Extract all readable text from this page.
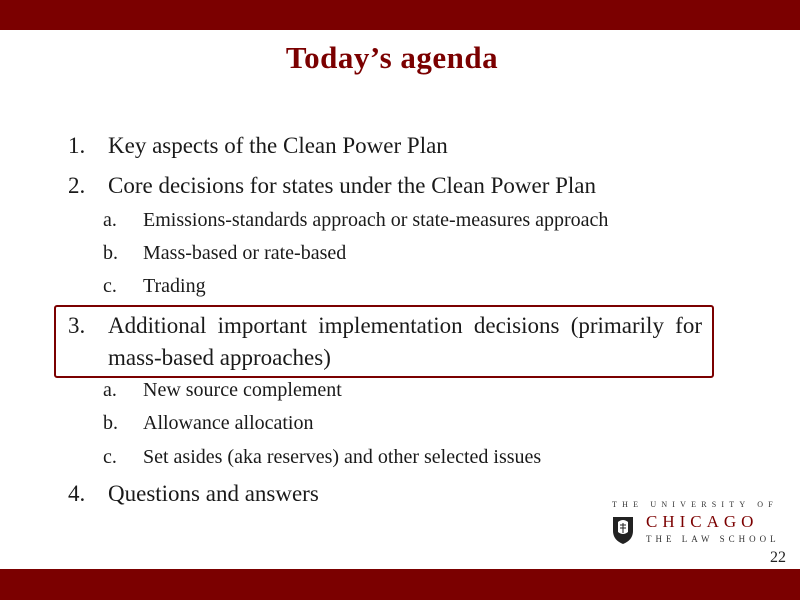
Today’s agenda
1. Key aspects of the Clean Power Plan
2. Core decisions for states under the Clean Power Plan
a. Emissions-standards approach or state-measures approach
b. Mass-based or rate-based
c. Trading
3. Additional important implementation decisions (primarily for mass-based approaches)
a. New source complement
b. Allowance allocation
c. Set asides (aka reserves) and other selected issues
4. Questions and answers	THE UNIVERSITY OF
CHICAGO
THE LAW SCHOOL
22
